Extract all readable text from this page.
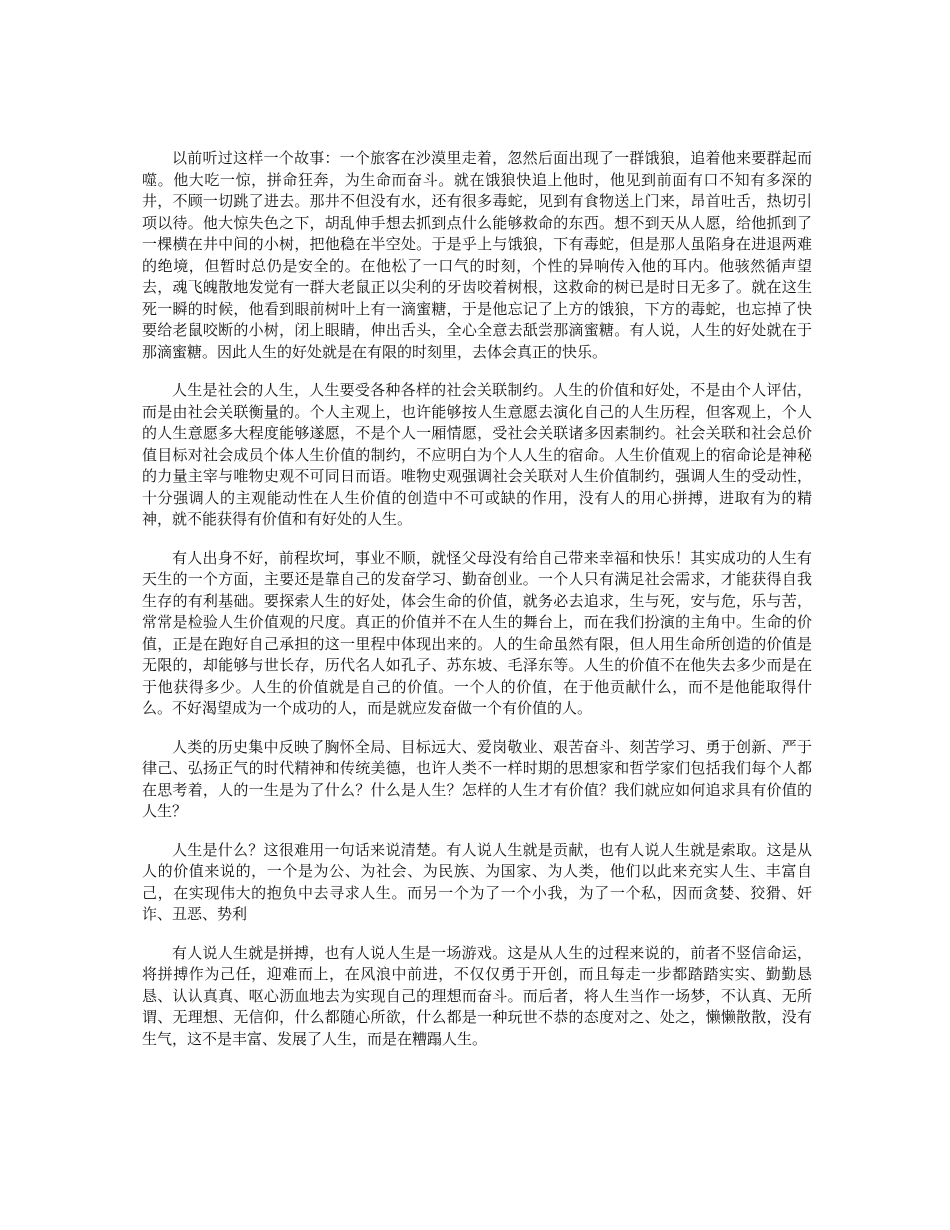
以前听过这样一个故事：一个旅客在沙漠里走着，忽然后面出现了一群饿狼，追着他来要群起而噬。他大吃一惊，拼命狂奔，为生命而奋斗。就在饿狼快追上他时，他见到前面有口不知有多深的井，不顾一切跳了进去。那井不但没有水，还有很多毒蛇，见到有食物送上门来，昂首吐舌，热切引项以待。他大惊失色之下，胡乱伸手想去抓到点什么能够救命的东西。想不到天从人愿，给他抓到了一棵横在井中间的小树，把他稳在半空处。于是乎上与饿狼，下有毒蛇，但是那人虽陷身在进退两难的绝境，但暂时总仍是安全的。在他松了一口气的时刻，个性的异响传入他的耳内。他骇然循声望去，魂飞魄散地发觉有一群大老鼠正以尖利的牙齿咬着树根，这救命的树已是时日无多了。就在这生死一瞬的时候，他看到眼前树叶上有一滴蜜糖，于是他忘记了上方的饿狼，下方的毒蛇，也忘掉了快要给老鼠咬断的小树，闭上眼睛，伸出舌头，全心全意去舐尝那滴蜜糖。有人说，人生的好处就在于那滴蜜糖。因此人生的好处就是在有限的时刻里，去体会真正的快乐。

人生是社会的人生，人生要受各种各样的社会关联制约。人生的价值和好处，不是由个人评估，而是由社会关联衡量的。个人主观上，也许能够按人生意愿去演化自己的人生历程，但客观上，个人的人生意愿多大程度能够遂愿，不是个人一厢情愿，受社会关联诸多因素制约。社会关联和社会总价值目标对社会成员个体人生价值的制约，不应明白为个人人生的宿命。人生价值观上的宿命论是神秘的力量主宰与唯物史观不可同日而语。唯物史观强调社会关联对人生价值制约，强调人生的受动性，十分强调人的主观能动性在人生价值的创造中不可或缺的作用，没有人的用心拼搏，进取有为的精神，就不能获得有价值和有好处的人生。

有人出身不好，前程坎坷，事业不顺，就怪父母没有给自己带来幸福和快乐！其实成功的人生有天生的一个方面，主要还是靠自己的发奋学习、勤奋创业。一个人只有满足社会需求，才能获得自我生存的有利基础。要探索人生的好处，体会生命的价值，就务必去追求，生与死，安与危，乐与苦，常常是检验人生价值观的尺度。真正的价值并不在人生的舞台上，而在我们扮演的主角中。生命的价值，正是在跑好自己承担的这一里程中体现出来的。人的生命虽然有限，但人用生命所创造的价值是无限的，却能够与世长存，历代名人如孔子、苏东坡、毛泽东等。人生的价值不在他失去多少而是在于他获得多少。人生的价值就是自己的价值。一个人的价值，在于他贡献什么，而不是他能取得什么。不好渴望成为一个成功的人，而是就应发奋做一个有价值的人。

人类的历史集中反映了胸怀全局、目标远大、爱岗敬业、艰苦奋斗、刻苦学习、勇于创新、严于律己、弘扬正气的时代精神和传统美德，也许人类不一样时期的思想家和哲学家们包括我们每个人都在思考着，人的一生是为了什么？什么是人生？怎样的人生才有价值？我们就应如何追求具有价值的人生？

人生是什么？这很难用一句话来说清楚。有人说人生就是贡献，也有人说人生就是索取。这是从人的价值来说的，一个是为公、为社会、为民族、为国家、为人类，他们以此来充实人生、丰富自己，在实现伟大的抱负中去寻求人生。而另一个为了一个小我，为了一个私，因而贪婪、狡猾、奸诈、丑恶、势利

有人说人生就是拼搏，也有人说人生是一场游戏。这是从人生的过程来说的，前者不竖信命运，将拼搏作为己任，迎难而上，在风浪中前进，不仅仅勇于开创，而且每走一步都踏踏实实、勤勤恳恳、认认真真、呕心沥血地去为实现自己的理想而奋斗。而后者，将人生当作一场梦，不认真、无所谓、无理想、无信仰，什么都随心所欲，什么都是一种玩世不恭的态度对之、处之，懒懒散散，没有生气，这不是丰富、发展了人生，而是在糟蹋人生。
